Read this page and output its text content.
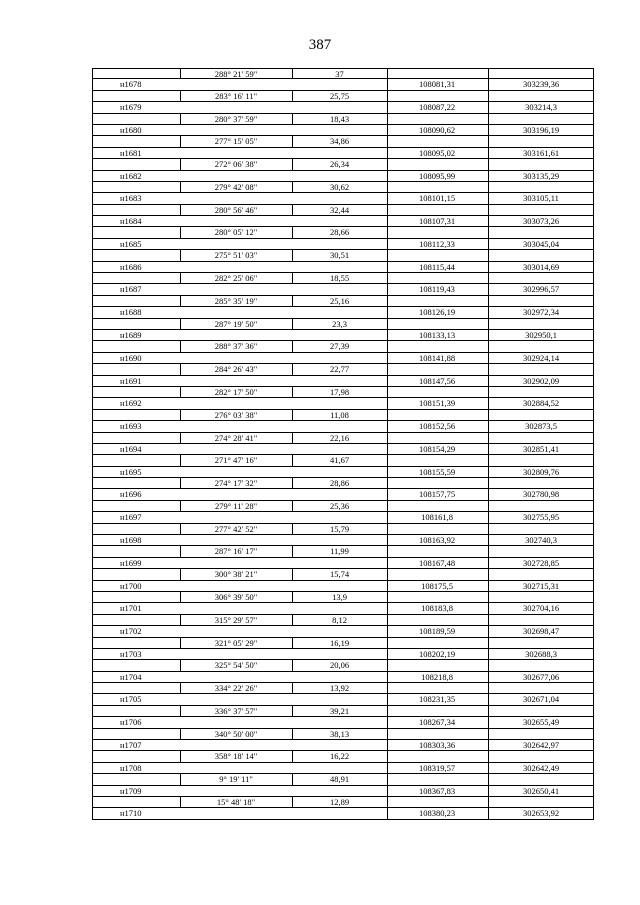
387
288° 21' 59"	37
н1678	108081,31	303239,36
283° 16' 11"	25,75
н1679	108087,22	303214,3
280° 37' 59"	18,43
н1680	108090,62	303196,19
277° 15' 05"	34,86
н1681	108095,02	303161,61
272° 06' 38"	26,34
н1682	108095,99	303135,29
279° 42' 08"	30,62
н1683	108101,15	303105,11
280° 56' 46"	32,44
н1684	108107,31	303073,26
280° 05' 12"	28,66
н1685	108112,33	303045,04
275° 51' 03"	30,51
н1686	108115,44	303014,69
282° 25' 06"	18,55
н1687	108119,43	302996,57
285° 35' 19"	25,16
н1688	108126,19	302972,34
287° 19' 50"	23,3
н1689	108133,13	302950,1
288° 37' 36"	27,39
н1690	108141,88	302924,14
284° 26' 43"	22,77
н1691	108147,56	302902,09
282° 17' 50"	17,98
н1692	108151,39	302884,52
276° 03' 38"	11,08
н1693	108152,56	302873,5
274° 28' 41"	22,16
н1694	108154,29	302851,41
271° 47' 16"	41,67
н1695	108155,59	302809,76
274° 17' 32"	28,86
н1696	108157,75	302780,98
279° 11' 28"	25,36
н1697	108161,8	302755,95
277° 42' 52"	15,79
н1698	108163,92	302740,3
287° 16' 17"	11,99
н1699	108167,48	302728,85
300° 38' 21"	15,74
н1700	108175,5	302715,31
306° 39' 50"	13,9
н1701	108183,8	302704,16
315° 29' 57"	8,12
н1702	108189,59	302698,47
321° 05' 29"	16,19
н1703	108202,19	302688,3
325° 54' 50"	20,06
н1704	108218,8	302677,06
334° 22' 26"	13,92
н1705	108231,35	302671,04
336° 37' 57"	39,21
н1706	108267,34	302655,49
340° 50' 00"	38,13
н1707	108303,36	302642,97
358° 18' 14"	16,22
н1708	108319,57	302642,49
9° 19' 11"	48,91
н1709	108367,83	302650,41
15° 48' 18"	12,89
н1710	108380,23	302653,92
